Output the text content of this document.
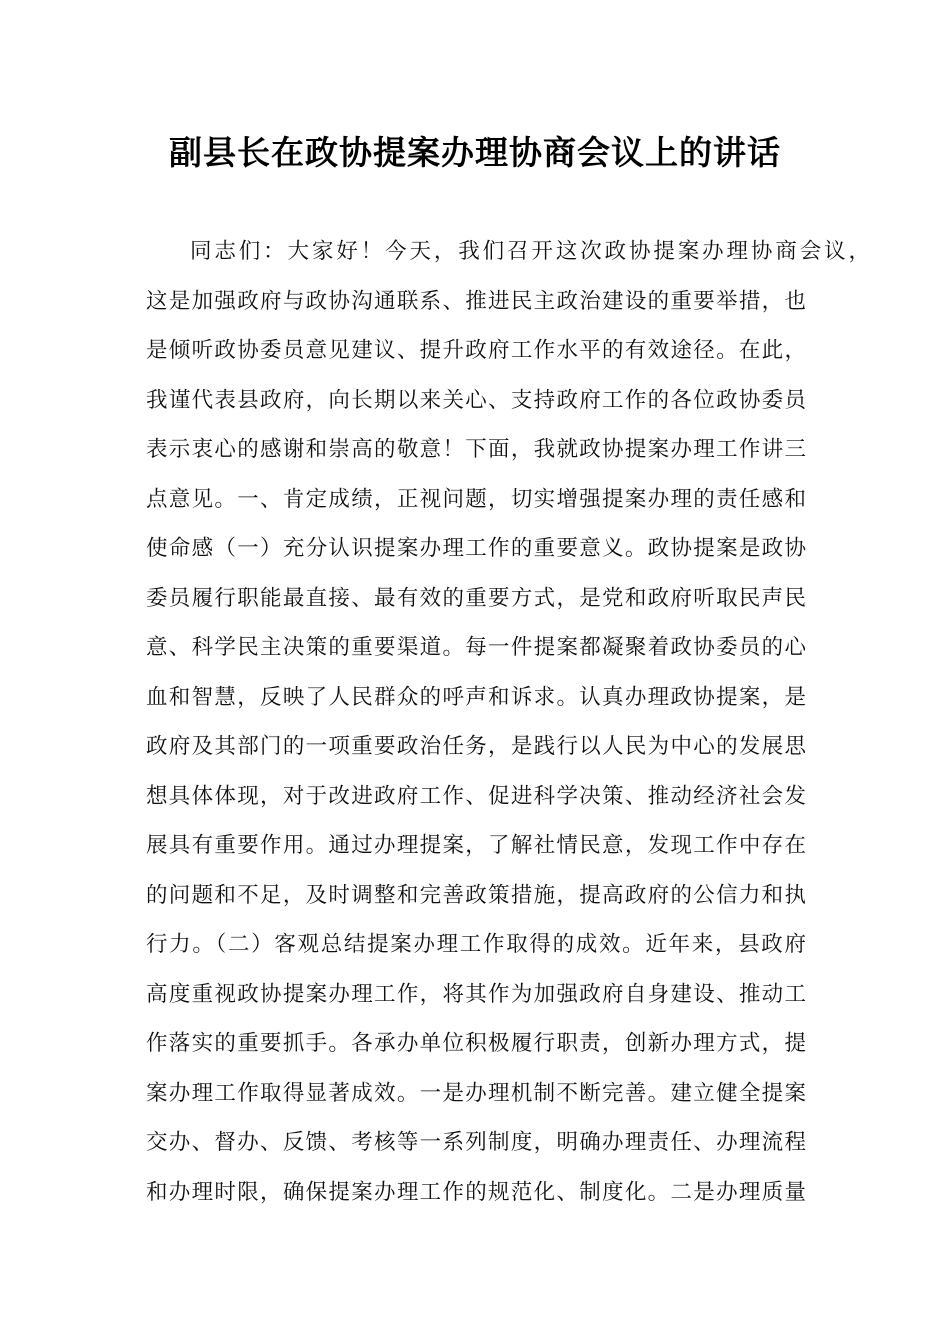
副县长在政协提案办理协商会议上的讲话
同志们：大家好！今天，我们召开这次政协提案办理协商会议，
这是加强政府与政协沟通联系、推进民主政治建设的重要举措，也
是倾听政协委员意见建议、提升政府工作水平的有效途径。在此，
我谨代表县政府，向长期以来关心、支持政府工作的各位政协委员
表示衷心的感谢和崇高的敬意！下面，我就政协提案办理工作讲三
点意见。一、肯定成绩，正视问题，切实增强提案办理的责任感和
使命感（一）充分认识提案办理工作的重要意义。政协提案是政协
委员履行职能最直接、最有效的重要方式，是党和政府听取民声民
意、科学民主决策的重要渠道。每一件提案都凝聚着政协委员的心
血和智慧，反映了人民群众的呼声和诉求。认真办理政协提案，是
政府及其部门的一项重要政治任务，是践行以人民为中心的发展思
想具体体现，对于改进政府工作、促进科学决策、推动经济社会发
展具有重要作用。通过办理提案，了解社情民意，发现工作中存在
的问题和不足，及时调整和完善政策措施，提高政府的公信力和执
行力。（二）客观总结提案办理工作取得的成效。近年来，县政府
高度重视政协提案办理工作，将其作为加强政府自身建设、推动工
作落实的重要抓手。各承办单位积极履行职责，创新办理方式，提
案办理工作取得显著成效。一是办理机制不断完善。建立健全提案
交办、督办、反馈、考核等一系列制度，明确办理责任、办理流程
和办理时限，确保提案办理工作的规范化、制度化。二是办理质量
